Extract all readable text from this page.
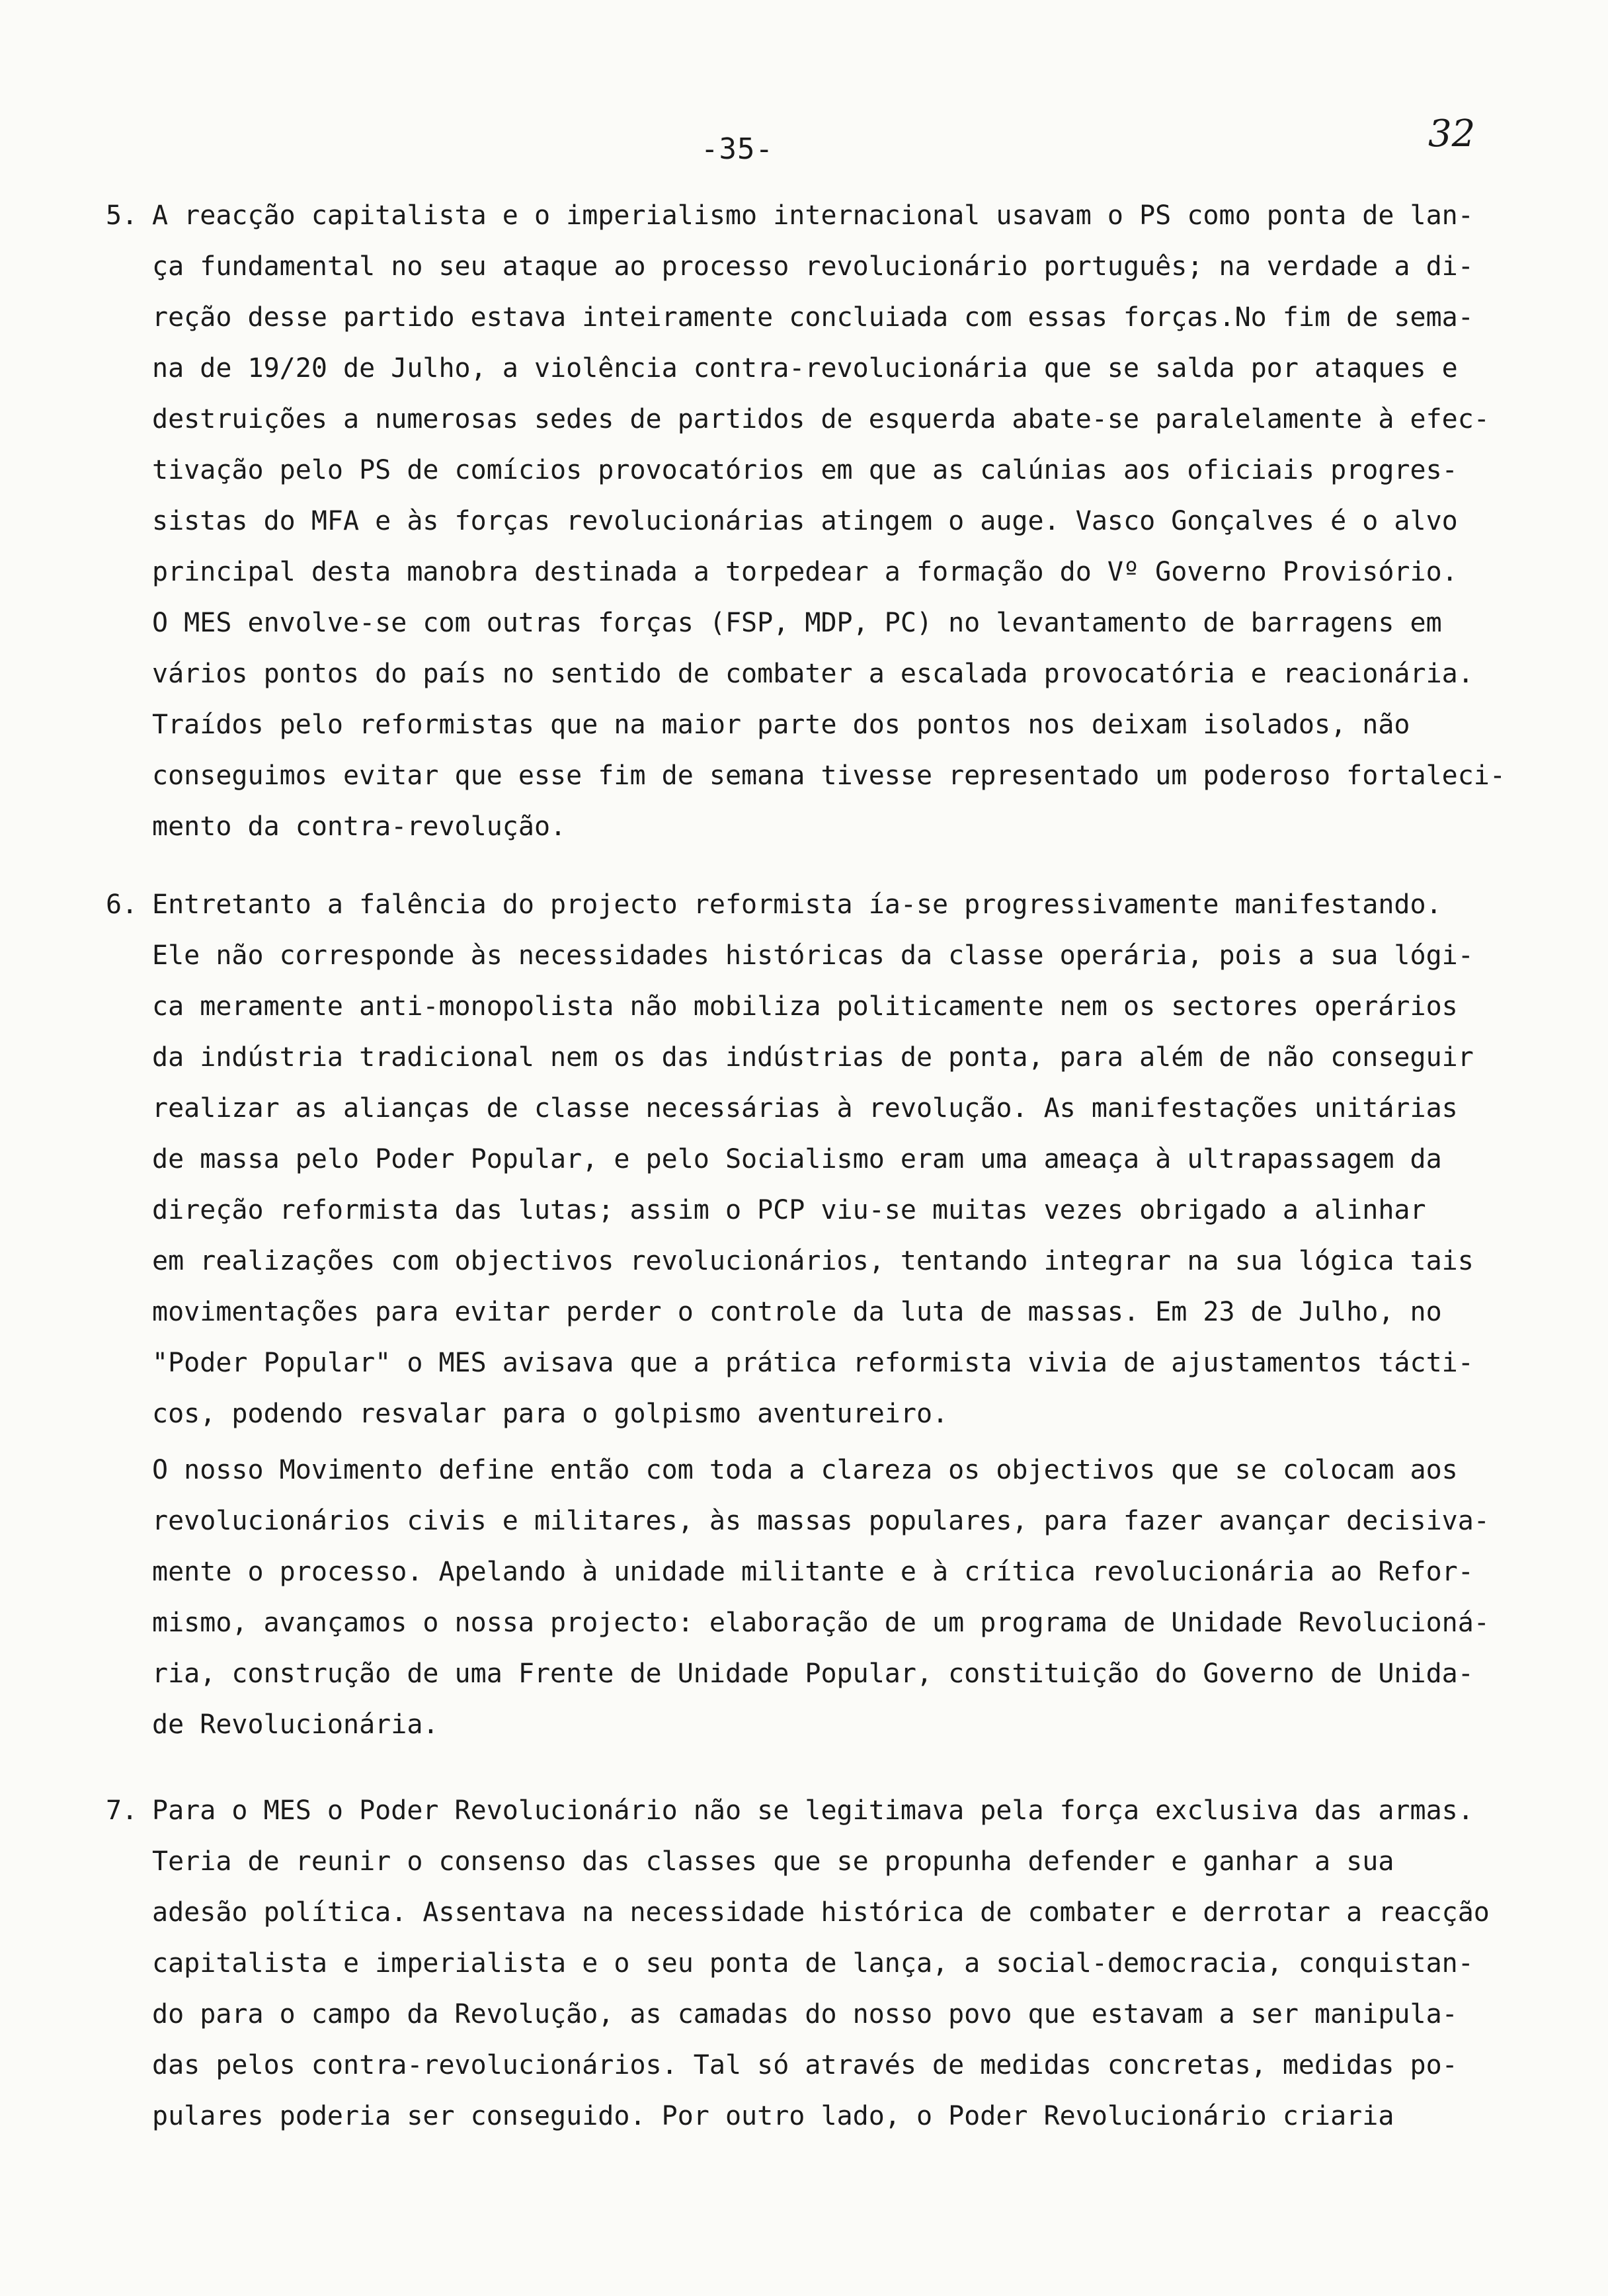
-35-	32
5. A reacção capitalista e o imperialismo internacional usavam o PS como ponta de lan-
ça fundamental no seu ataque ao processo revolucionário português; na verdade a di-
reção desse partido estava inteiramente concluiada com essas forças.No fim de sema-
na de 19/20 de Julho, a violência contra-revolucionária que se salda por ataques e
destruições a numerosas sedes de partidos de esquerda abate-se paralelamente à efec-
tivação pelo PS de comícios provocatórios em que as calúnias aos oficiais progres-
sistas do MFA e às forças revolucionárias atingem o auge. Vasco Gonçalves é o alvo
principal desta manobra destinada a torpedear a formação do Vº Governo Provisório.
O MES envolve-se com outras forças (FSP, MDP, PC) no levantamento de barragens em
vários pontos do país no sentido de combater a escalada provocatória e reacionária.
Traídos pelo reformistas que na maior parte dos pontos nos deixam isolados, não
conseguimos evitar que esse fim de semana tivesse representado um poderoso fortaleci-
mento da contra-revolução.
6. Entretanto a falência do projecto reformista ía-se progressivamente manifestando.
Ele não corresponde às necessidades históricas da classe operária, pois a sua lógi-
ca meramente anti-monopolista não mobiliza politicamente nem os sectores operários
da indústria tradicional nem os das indústrias de ponta, para além de não conseguir
realizar as alianças de classe necessárias à revolução. As manifestações unitárias
de massa pelo Poder Popular, e pelo Socialismo eram uma ameaça à ultrapassagem da
direção reformista das lutas; assim o PCP viu-se muitas vezes obrigado a alinhar
em realizações com objectivos revolucionários, tentando integrar na sua lógica tais
movimentações para evitar perder o controle da luta de massas. Em 23 de Julho, no
"Poder Popular" o MES avisava que a prática reformista vivia de ajustamentos tácti-
cos, podendo resvalar para o golpismo aventureiro.
O nosso Movimento define então com toda a clareza os objectivos que se colocam aos
revolucionários civis e militares, às massas populares, para fazer avançar decisiva-
mente o processo. Apelando à unidade militante e à crítica revolucionária ao Refor-
mismo, avançamos o nossa projecto: elaboração de um programa de Unidade Revolucioná-
ria, construção de uma Frente de Unidade Popular, constituição do Governo de Unida-
de Revolucionária.
7. Para o MES o Poder Revolucionário não se legitimava pela força exclusiva das armas.
Teria de reunir o consenso das classes que se propunha defender e ganhar a sua
adesão política. Assentava na necessidade histórica de combater e derrotar a reacção
capitalista e imperialista e o seu ponta de lança, a social-democracia, conquistan-
do para o campo da Revolução, as camadas do nosso povo que estavam a ser manipula-
das pelos contra-revolucionários. Tal só através de medidas concretas, medidas po-
pulares poderia ser conseguido. Por outro lado, o Poder Revolucionário criaria
